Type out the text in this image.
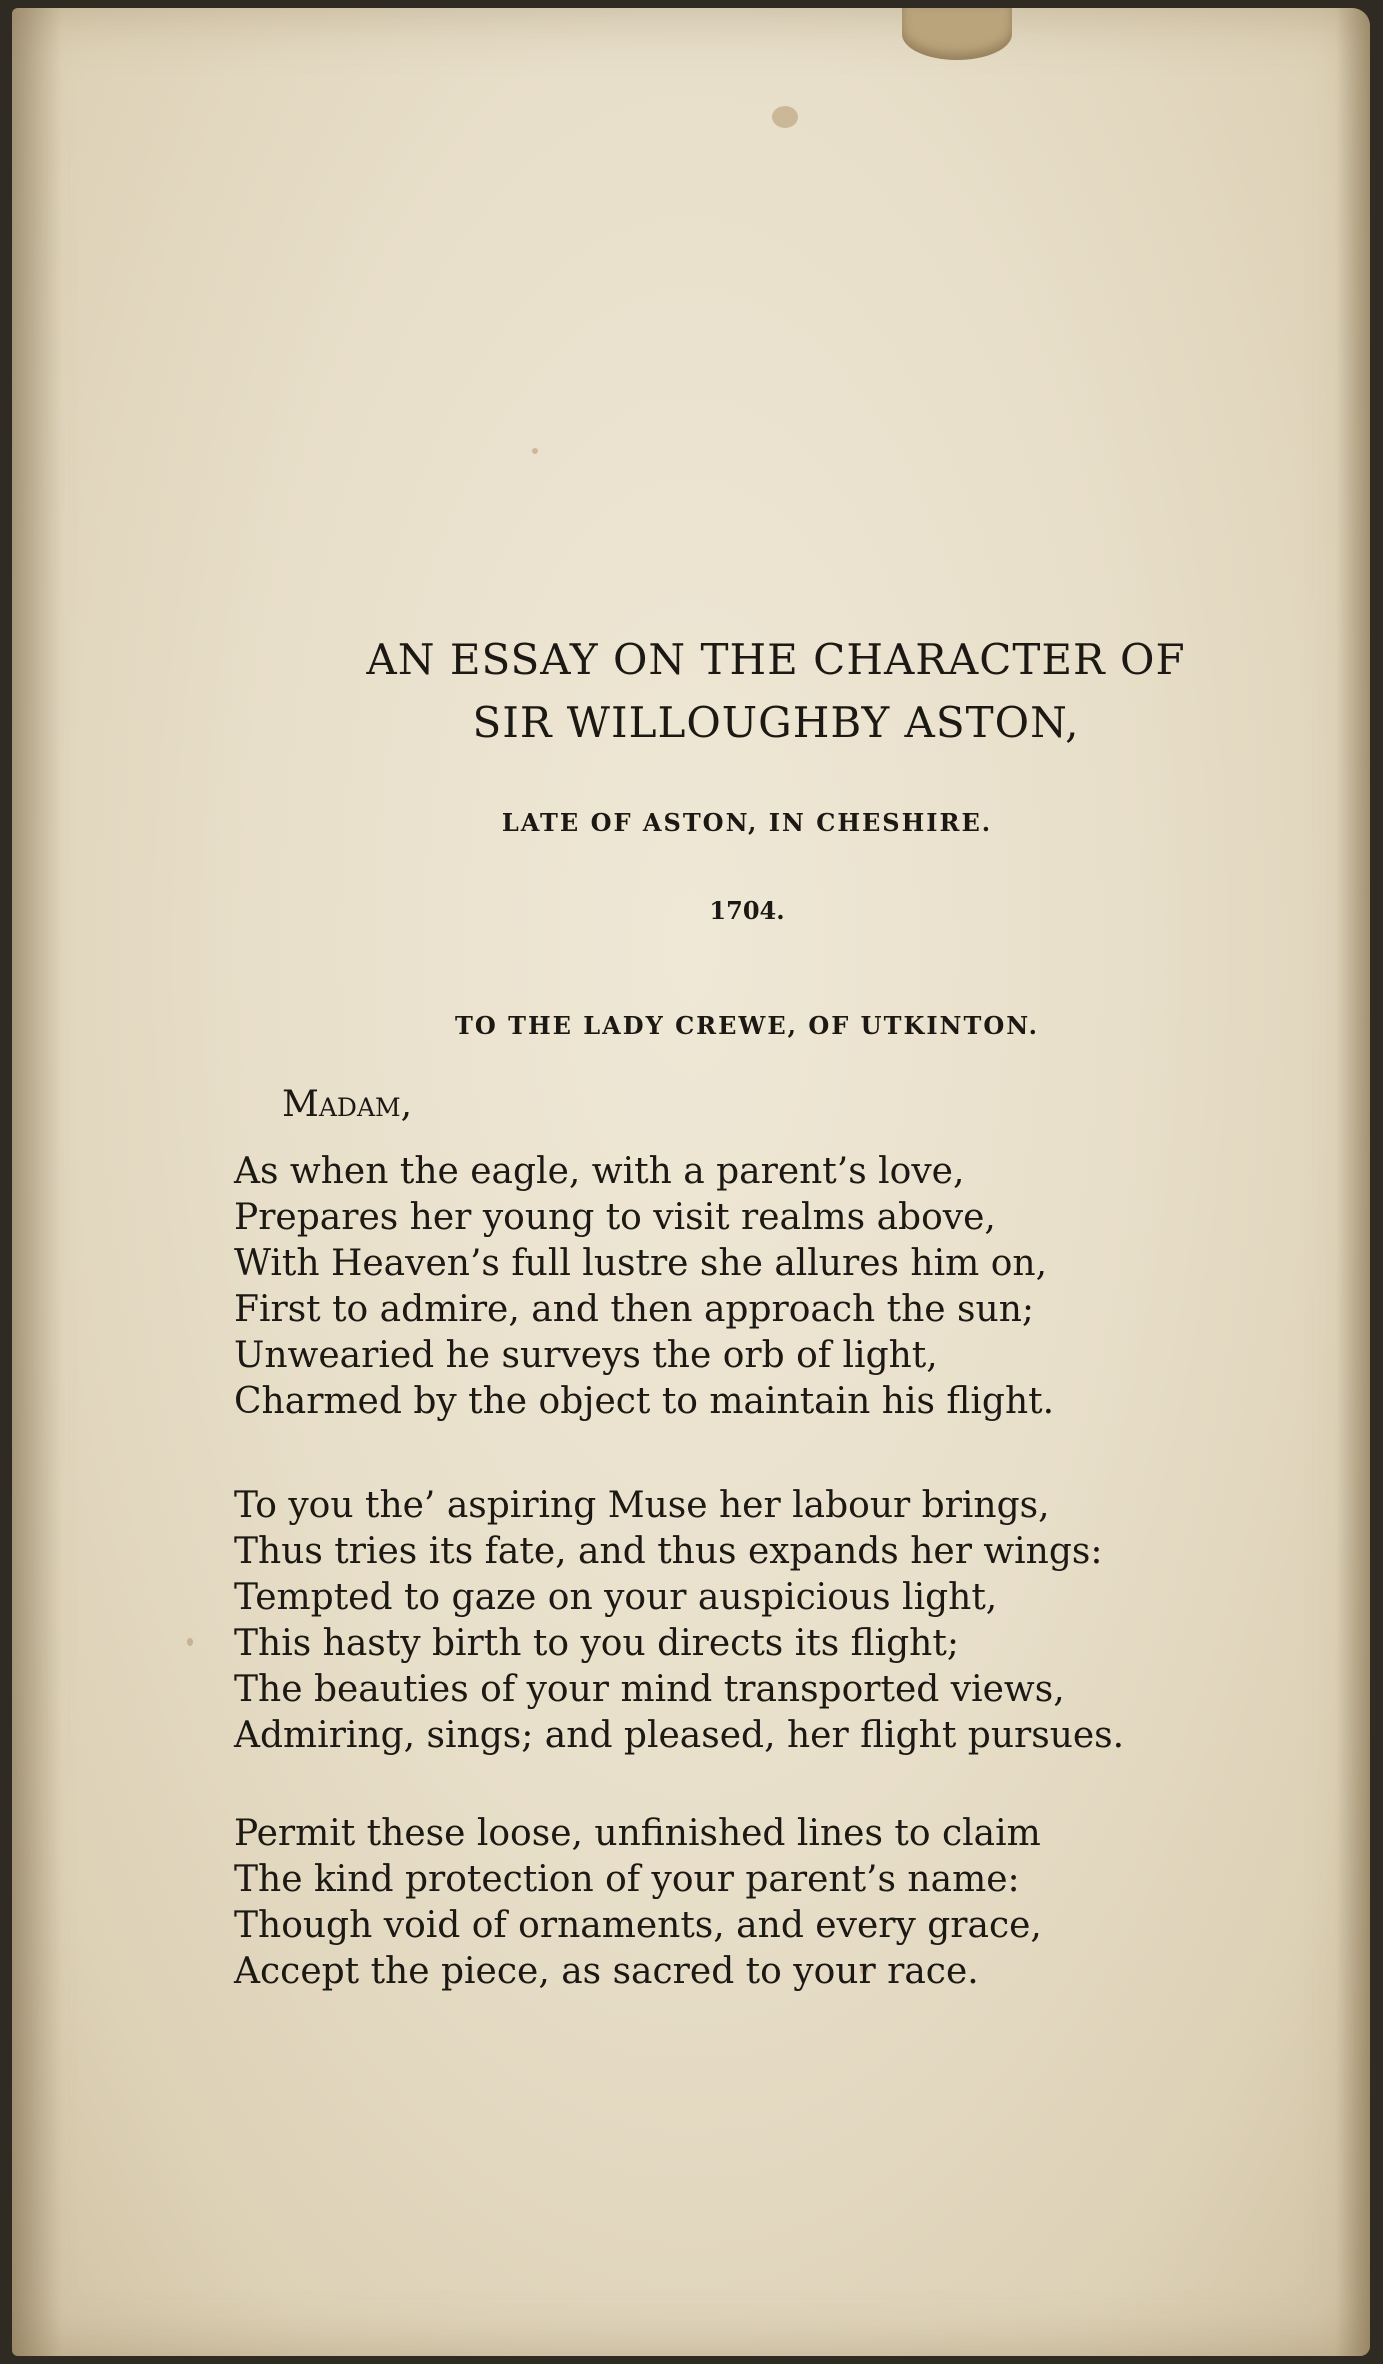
AN ESSAY ON THE CHARACTER OF
SIR WILLOUGHBY ASTON,
LATE OF ASTON, IN CHESHIRE.
1704.
TO THE LADY CREWE, OF UTKINTON.
Madam,
As when the eagle, with a parent’s love,
Prepares her young to visit realms above,
With Heaven’s full lustre she allures him on,
First to admire, and then approach the sun;
Unwearied he surveys the orb of light,
Charmed by the object to maintain his flight.
To you the’ aspiring Muse her labour brings,
Thus tries its fate, and thus expands her wings:
Tempted to gaze on your auspicious light,
This hasty birth to you directs its flight;
The beauties of your mind transported views,
Admiring, sings; and pleased, her flight pursues.
Permit these loose, unfinished lines to claim
The kind protection of your parent’s name:
Though void of ornaments, and every grace,
Accept the piece, as sacred to your race.
